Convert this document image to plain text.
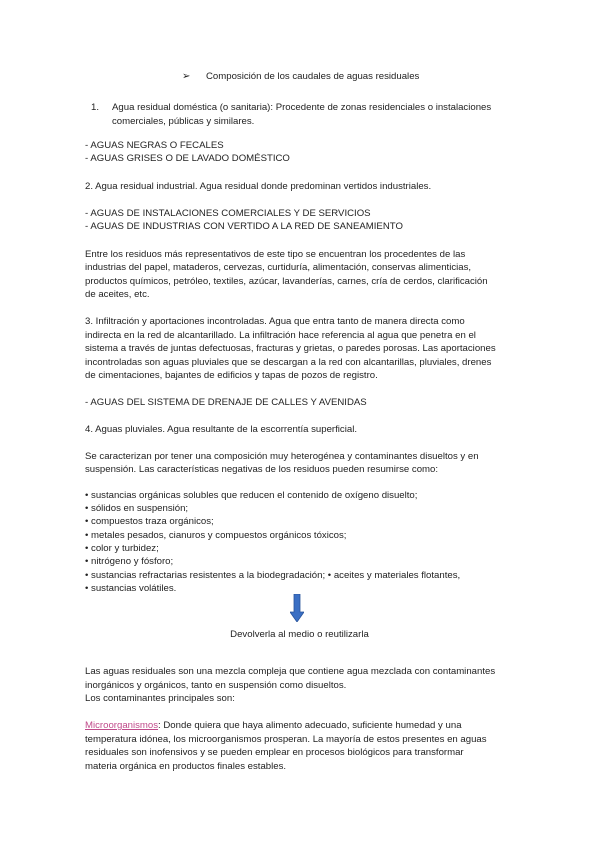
➢ Composición de los caudales de aguas residuales
1. Agua residual doméstica (o sanitaria): Procedente de zonas residenciales o instalaciones
comerciales, públicas y similares.
- AGUAS NEGRAS O FECALES
- AGUAS GRISES O DE LAVADO DOMÉSTICO
2. Agua residual industrial. Agua residual donde predominan vertidos industriales.
- AGUAS DE INSTALACIONES COMERCIALES Y DE SERVICIOS
- AGUAS DE INDUSTRIAS CON VERTIDO A LA RED DE SANEAMIENTO
Entre los residuos más representativos de este tipo se encuentran los procedentes de las
industrias del papel, mataderos, cervezas, curtiduría, alimentación, conservas alimenticias,
productos químicos, petróleo, textiles, azúcar, lavanderías, carnes, cría de cerdos, clarificación
de aceites, etc.
3. Infiltración y aportaciones incontroladas. Agua que entra tanto de manera directa como
indirecta en la red de alcantarillado. La infiltración hace referencia al agua que penetra en el
sistema a través de juntas defectuosas, fracturas y grietas, o paredes porosas. Las aportaciones
incontroladas son aguas pluviales que se descargan a la red con alcantarillas, pluviales, drenes
de cimentaciones, bajantes de edificios y tapas de pozos de registro.
- AGUAS DEL SISTEMA DE DRENAJE DE CALLES Y AVENIDAS
4. Aguas pluviales. Agua resultante de la escorrentía superficial.
Se caracterizan por tener una composición muy heterogénea y contaminantes disueltos y en
suspensión. Las características negativas de los residuos pueden resumirse como:
• sustancias orgánicas solubles que reducen el contenido de oxígeno disuelto;
• sólidos en suspensión;
• compuestos traza orgánicos;
• metales pesados, cianuros y compuestos orgánicos tóxicos;
• color y turbidez;
• nitrógeno y fósforo;
• sustancias refractarias resistentes a la biodegradación; • aceites y materiales flotantes,
• sustancias volátiles.
Devolverla al medio o reutilizarla
Las aguas residuales son una mezcla compleja que contiene agua mezclada con contaminantes
inorgánicos y orgánicos, tanto en suspensión como disueltos.
Los contaminantes principales son:
Microorganismos: Donde quiera que haya alimento adecuado, suficiente humedad y una
temperatura idónea, los microorganismos prosperan. La mayoría de estos presentes en aguas
residuales son inofensivos y se pueden emplear en procesos biológicos para transformar
materia orgánica en productos finales estables.
